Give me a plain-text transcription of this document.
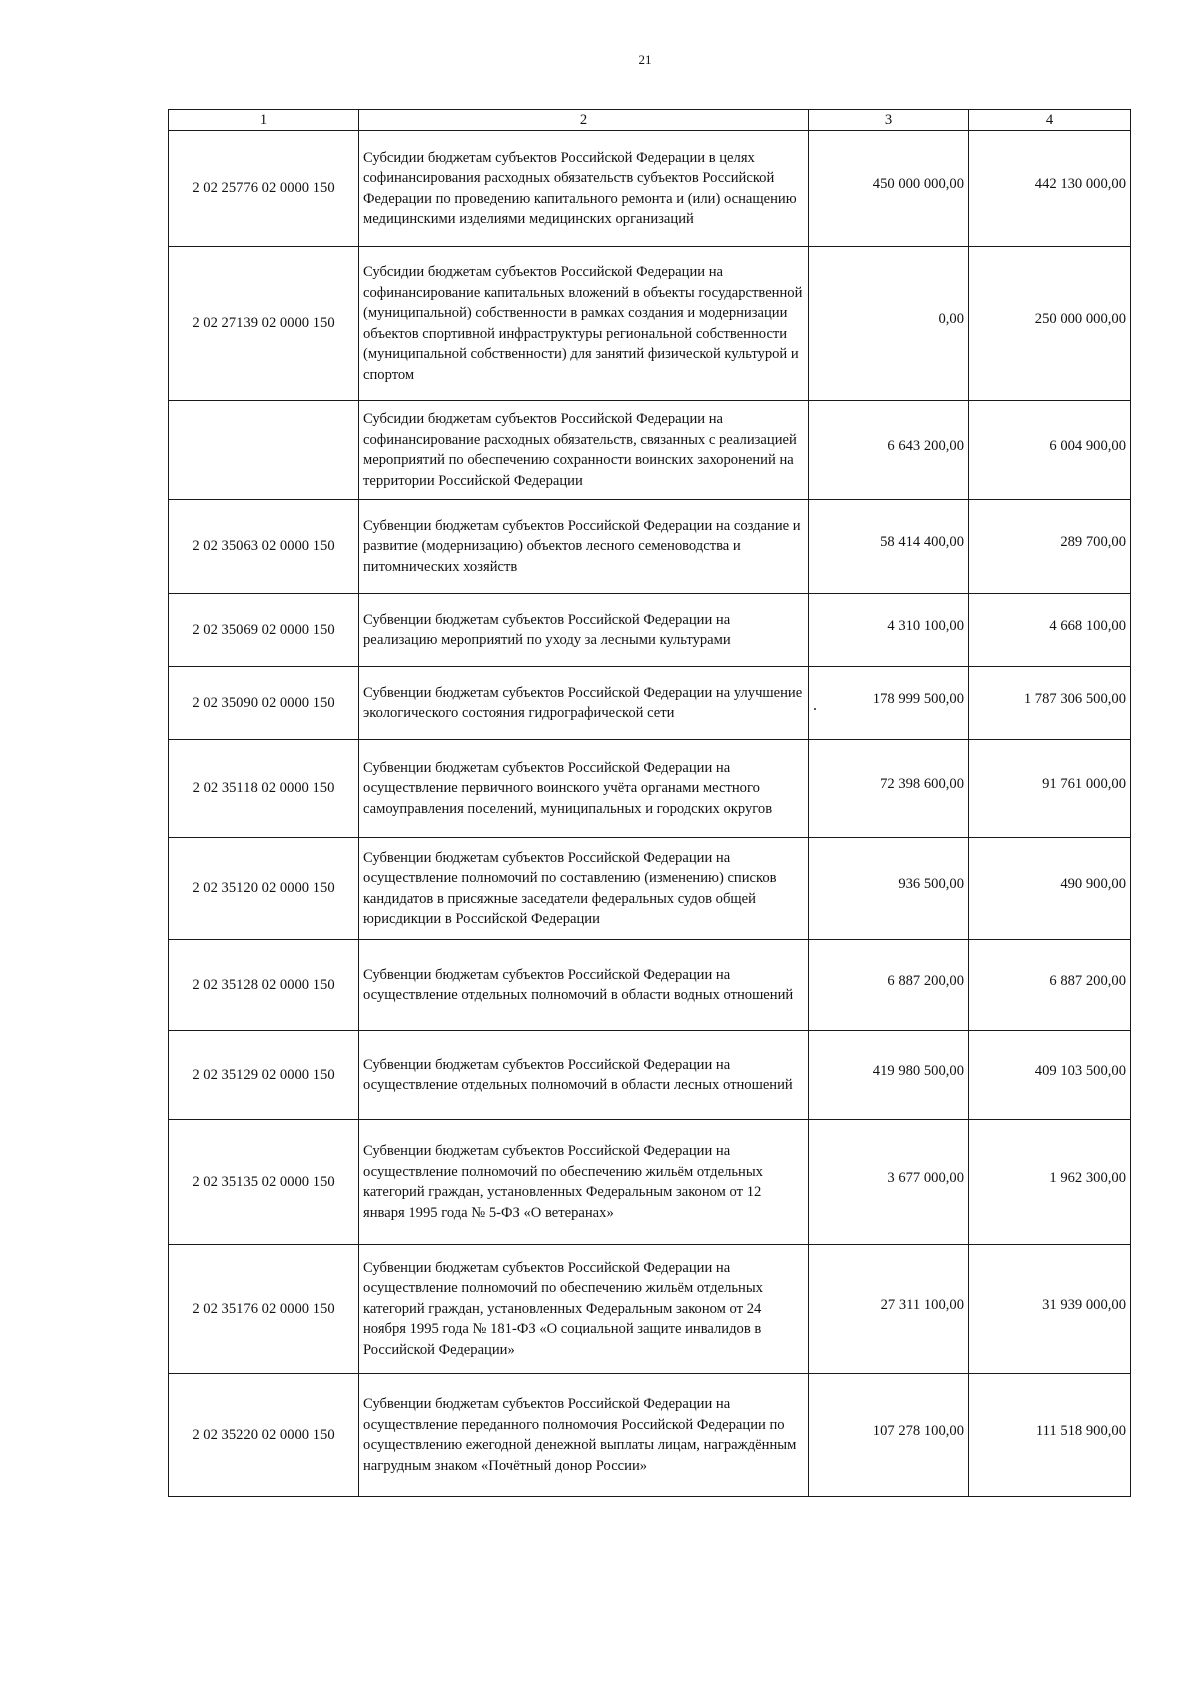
21
1	2	3	4
2 02 25776 02 0000 150	Субсидии бюджетам субъектов Российской Федерации в целях софинансирования расходных обязательств субъектов Российской Федерации по проведению капитального ремонта и (или) оснащению медицинскими изделиями медицинских организаций	450 000 000,00	442 130 000,00
2 02 27139 02 0000 150	Субсидии бюджетам субъектов Российской Федерации на софинансирование капитальных вложений в объекты государственной (муниципальной) собственности в рамках создания и модернизации объектов спортивной инфраструктуры региональной собственности (муниципальной собственности) для занятий физической культурой и спортом	0,00	250 000 000,00
	Субсидии бюджетам субъектов Российской Федерации на софинансирование расходных обязательств, связанных с реализацией мероприятий по обеспечению сохранности воинских захоронений на территории Российской Федерации	6 643 200,00	6 004 900,00
2 02 35063 02 0000 150	Субвенции бюджетам субъектов Российской Федерации на создание и развитие (модернизацию) объектов лесного семеноводства и питомнических хозяйств	58 414 400,00	289 700,00
2 02 35069 02 0000 150	Субвенции бюджетам субъектов Российской Федерации на реализацию мероприятий по уходу за лесными культурами	4 310 100,00	4 668 100,00
2 02 35090 02 0000 150	Субвенции бюджетам субъектов Российской Федерации на улучшение экологического состояния гидрографической сети	178 999 500,00	1 787 306 500,00
2 02 35118 02 0000 150	Субвенции бюджетам субъектов Российской Федерации на осуществление первичного воинского учёта органами местного самоуправления поселений, муниципальных и городских округов	72 398 600,00	91 761 000,00
2 02 35120 02 0000 150	Субвенции бюджетам субъектов Российской Федерации на осуществление полномочий по составлению (изменению) списков кандидатов в присяжные заседатели федеральных судов общей юрисдикции в Российской Федерации	936 500,00	490 900,00
2 02 35128 02 0000 150	Субвенции бюджетам субъектов Российской Федерации на осуществление отдельных полномочий в области водных отношений	6 887 200,00	6 887 200,00
2 02 35129 02 0000 150	Субвенции бюджетам субъектов Российской Федерации на осуществление отдельных полномочий в области лесных отношений	419 980 500,00	409 103 500,00
2 02 35135 02 0000 150	Субвенции бюджетам субъектов Российской Федерации на осуществление полномочий по обеспечению жильём отдельных категорий граждан, установленных Федеральным законом от 12 января 1995 года № 5-ФЗ «О ветеранах»	3 677 000,00	1 962 300,00
2 02 35176 02 0000 150	Субвенции бюджетам субъектов Российской Федерации на осуществление полномочий по обеспечению жильём отдельных категорий граждан, установленных Федеральным законом от 24 ноября 1995 года № 181-ФЗ «О социальной защите инвалидов в Российской Федерации»	27 311 100,00	31 939 000,00
2 02 35220 02 0000 150	Субвенции бюджетам субъектов Российской Федерации на осуществление переданного полномочия Российской Федерации по осуществлению ежегодной денежной выплаты лицам, награждённым нагрудным знаком «Почётный донор России»	107 278 100,00	111 518 900,00
